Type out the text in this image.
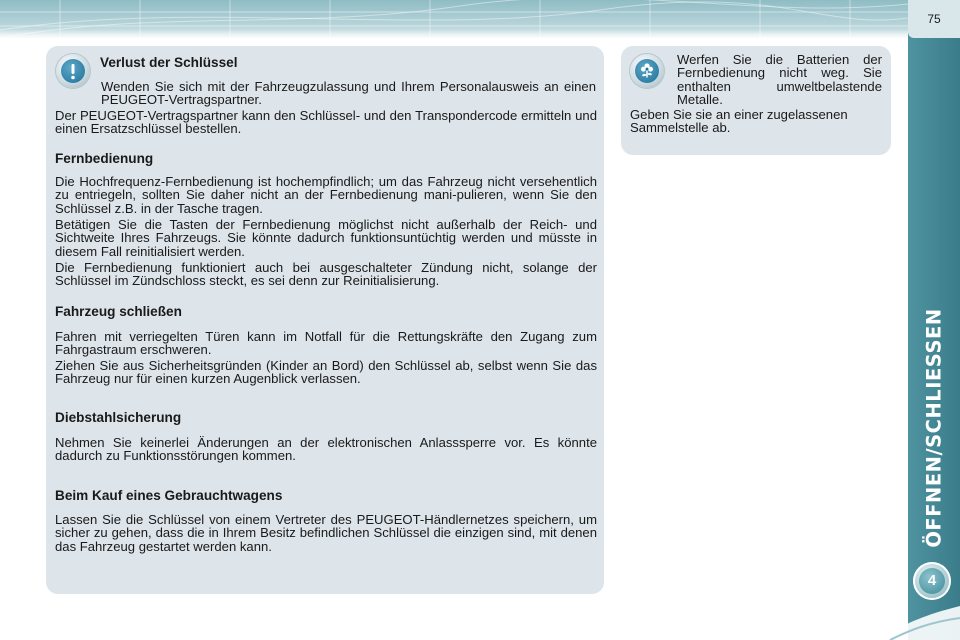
75
ÖFFNEN/SCHLIESSEN
4
Verlust der Schlüssel

Wenden Sie sich mit der Fahrzeugzulassung und Ihrem Personalausweis an einen PEUGEOT-Vertragspartner.

Der PEUGEOT-Vertragspartner kann den Schlüssel- und den Transpondercode ermitteln und einen Ersatzschlüssel bestellen.

Fernbedienung

Die Hochfrequenz-Fernbedienung ist hochempfindlich; um das Fahrzeug nicht versehentlich zu entriegeln, sollten Sie daher nicht an der Fernbedienung mani-pulieren, wenn Sie den Schlüssel z.B. in der Tasche tragen.

Betätigen Sie die Tasten der Fernbedienung möglichst nicht außerhalb der Reich- und Sichtweite Ihres Fahrzeugs. Sie könnte dadurch funktionsuntüchtig werden und müsste in diesem Fall reinitialisiert werden.

Die Fernbedienung funktioniert auch bei ausgeschalteter Zündung nicht, solange der Schlüssel im Zündschloss steckt, es sei denn zur Reinitialisierung.

Fahrzeug schließen

Fahren mit verriegelten Türen kann im Notfall für die Rettungskräfte den Zugang zum Fahrgastraum erschweren.

Ziehen Sie aus Sicherheitsgründen (Kinder an Bord) den Schlüssel ab, selbst wenn Sie das Fahrzeug nur für einen kurzen Augenblick verlassen.

Diebstahlsicherung

Nehmen Sie keinerlei Änderungen an der elektronischen Anlasssperre vor. Es könnte dadurch zu Funktionsstörungen kommen.

Beim Kauf eines Gebrauchtwagens

Lassen Sie die Schlüssel von einem Vertreter des PEUGEOT-Händlernetzes speichern, um sicher zu gehen, dass die in Ihrem Besitz befindlichen Schlüssel die einzigen sind, mit denen das Fahrzeug gestartet werden kann.

Werfen Sie die Batterien der Fernbedienung nicht weg. Sie enthalten umweltbelastende Metalle.

Geben Sie sie an einer zugelassenen Sammelstelle ab.
